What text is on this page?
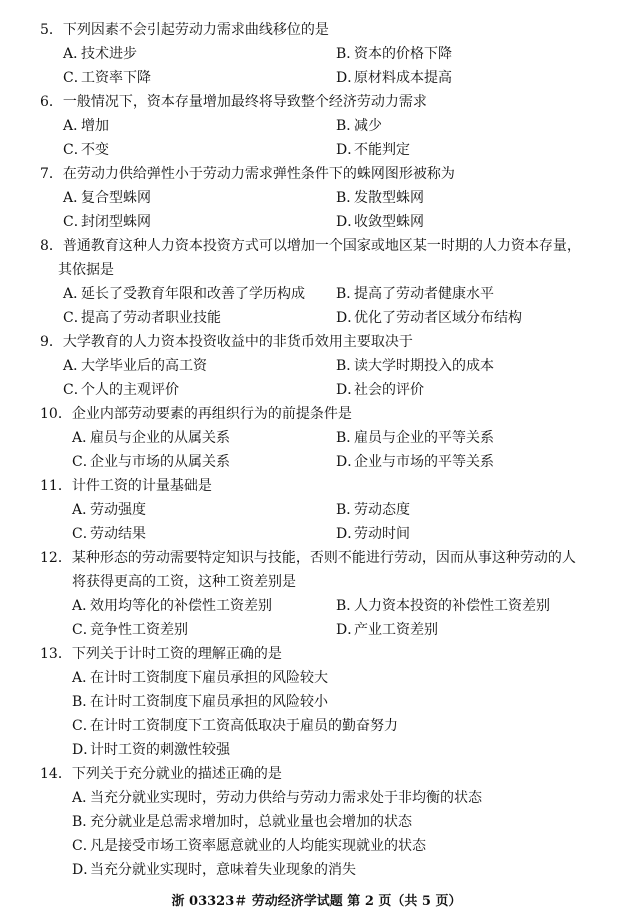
5．下列因素不会引起劳动力需求曲线移位的是
A．技术进步	B．资本的价格下降
C．工资率下降	D．原材料成本提高
6．一般情况下，资本存量增加最终将导致整个经济劳动力需求
A．增加	B．减少
C．不变	D．不能判定
7．在劳动力供给弹性小于劳动力需求弹性条件下的蛛网图形被称为
A．复合型蛛网	B．发散型蛛网
C．封闭型蛛网	D．收敛型蛛网
8．普通教育这种人力资本投资方式可以增加一个国家或地区某一时期的人力资本存量，
其依据是
A．延长了受教育年限和改善了学历构成 B．提高了劳动者健康水平
C．提高了劳动者职业技能	D．优化了劳动者区域分布结构
9．大学教育的人力资本投资收益中的非货币效用主要取决于
A．大学毕业后的高工资	B．读大学时期投入的成本
C．个人的主观评价	D．社会的评价
10．企业内部劳动要素的再组织行为的前提条件是
A．雇员与企业的从属关系	B．雇员与企业的平等关系
C．企业与市场的从属关系	D．企业与市场的平等关系
11．计件工资的计量基础是
A．劳动强度	B．劳动态度
C．劳动结果	D．劳动时间
12．某种形态的劳动需要特定知识与技能，否则不能进行劳动，因而从事这种劳动的人
将获得更高的工资，这种工资差别是
A．效用均等化的补偿性工资差别	B．人力资本投资的补偿性工资差别
C．竞争性工资差别	D．产业工资差别
13．下列关于计时工资的理解正确的是
A．在计时工资制度下雇员承担的风险较大
B．在计时工资制度下雇员承担的风险较小
C．在计时工资制度下工资高低取决于雇员的勤奋努力
D．计时工资的刺激性较强
14．下列关于充分就业的描述正确的是
A．当充分就业实现时，劳动力供给与劳动力需求处于非均衡的状态
B．充分就业是总需求增加时，总就业量也会增加的状态
C．凡是接受市场工资率愿意就业的人均能实现就业的状态
D．当充分就业实现时，意味着失业现象的消失
浙 03323＃ 劳动经济学试题 第 2 页（共 5 页）
